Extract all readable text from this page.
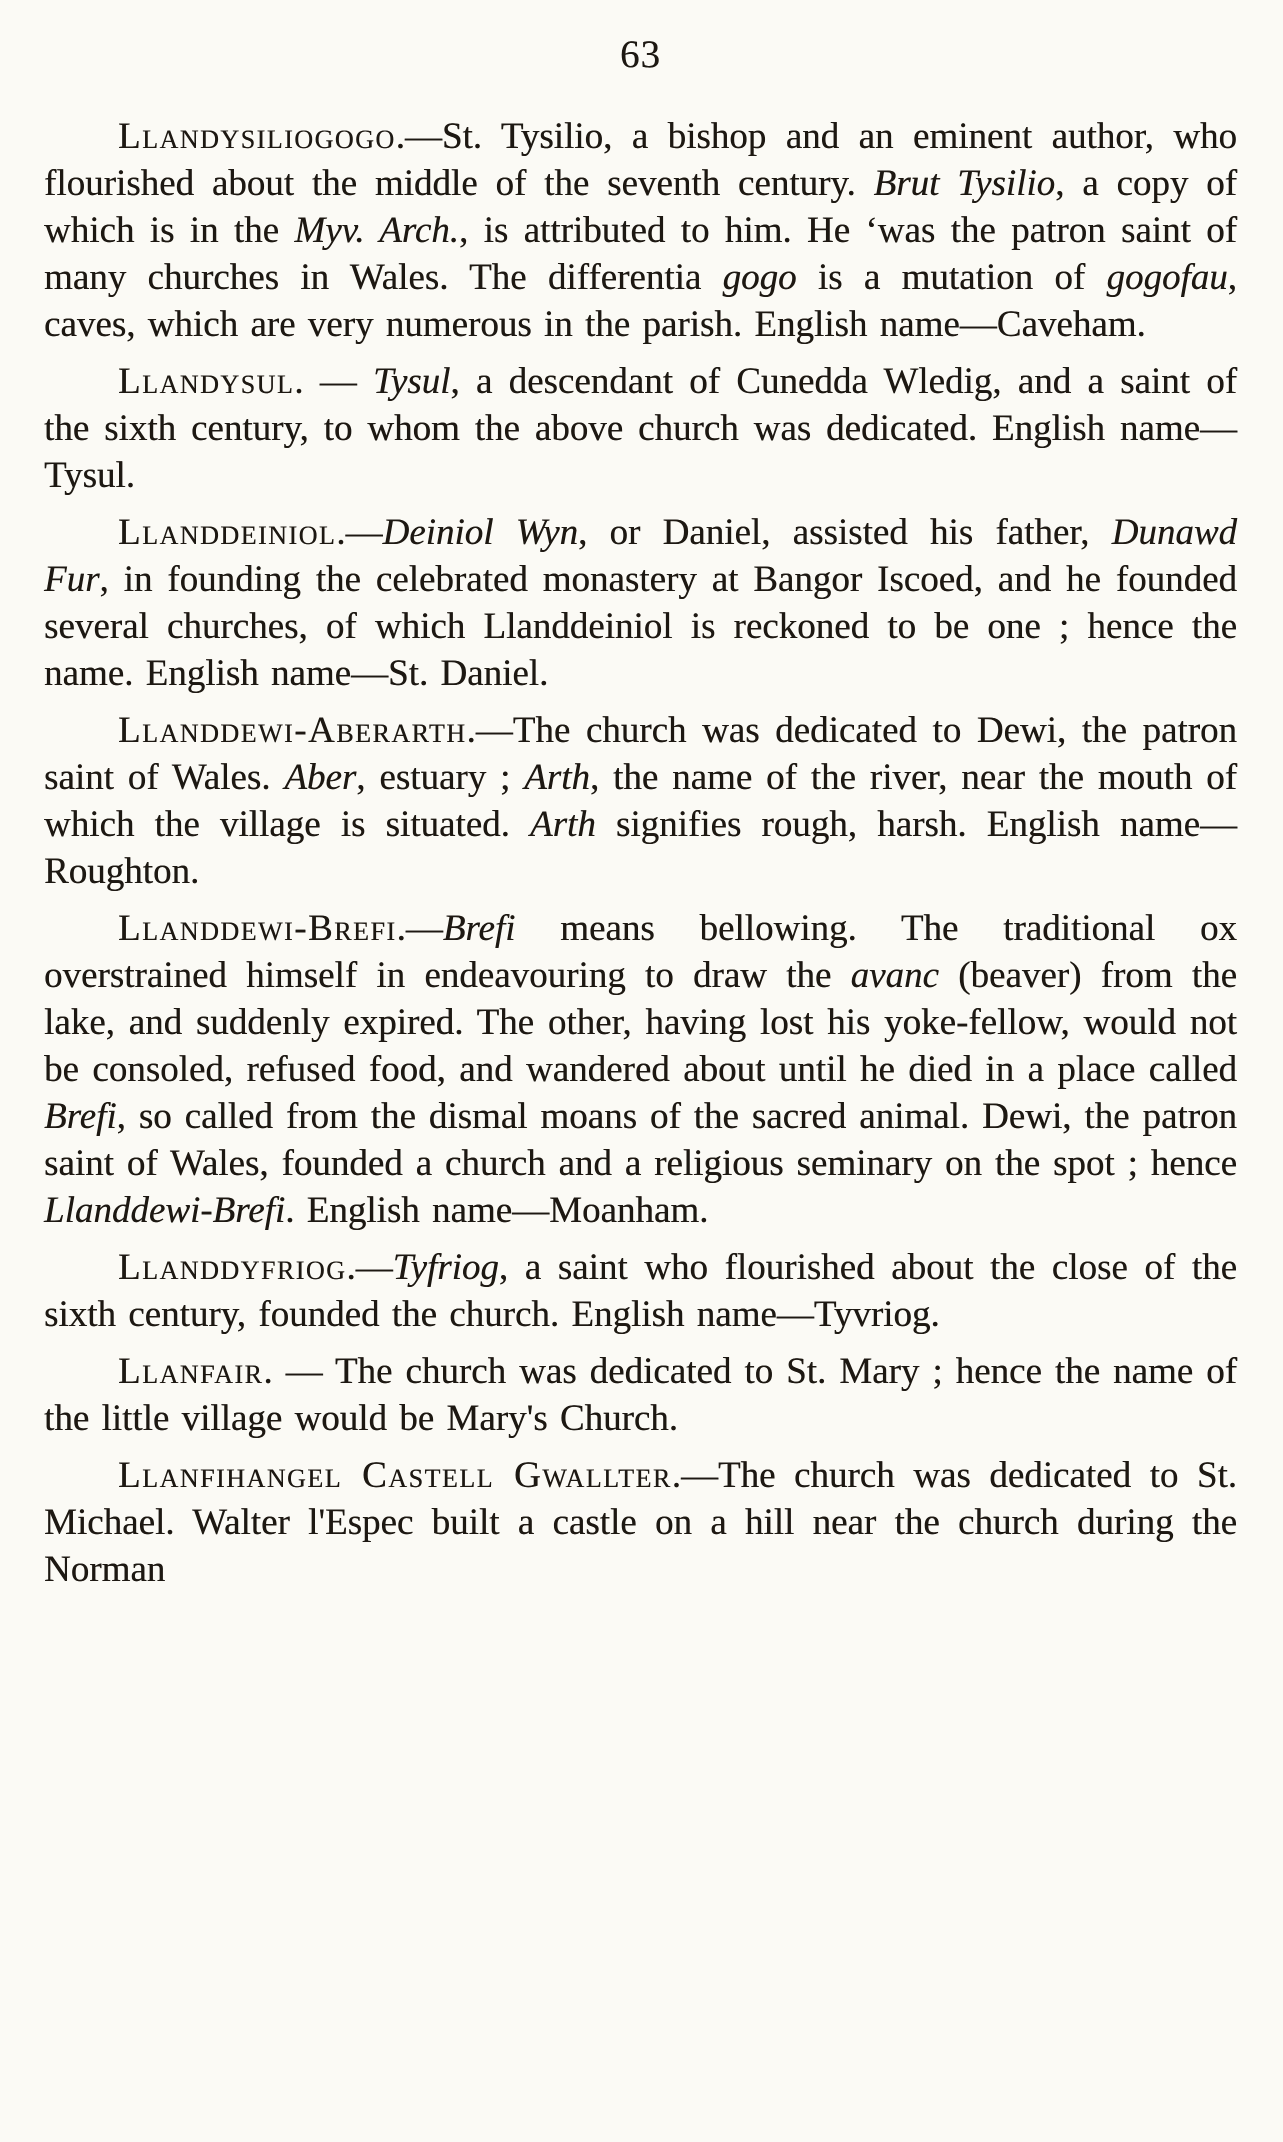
63

Llandysiliogogo.—St. Tysilio, a bishop and an eminent author, who flourished about the middle of the seventh century. Brut Tysilio, a copy of which is in the Myv. Arch., is attributed to him. He ‘was the patron saint of many churches in Wales. The differentia gogo is a mutation of gogofau, caves, which are very numerous in the parish. English name—Caveham.

Llandysul. — Tysul, a descendant of Cunedda Wledig, and a saint of the sixth century, to whom the above church was dedicated. English name—Tysul.

Llanddeiniol.—Deiniol Wyn, or Daniel, assisted his father, Dunawd Fur, in founding the celebrated monastery at Bangor Iscoed, and he founded several churches, of which Llanddeiniol is reckoned to be one ; hence the name. English name—St. Daniel.

Llanddewi-Aberarth.—The church was dedicated to Dewi, the patron saint of Wales. Aber, estuary ; Arth, the name of the river, near the mouth of which the village is situated. Arth signifies rough, harsh. English name—Roughton.

Llanddewi-Brefi.—Brefi means bellowing. The traditional ox overstrained himself in endeavouring to draw the avanc (beaver) from the lake, and suddenly expired. The other, having lost his yoke-fellow, would not be consoled, refused food, and wandered about until he died in a place called Brefi, so called from the dismal moans of the sacred animal. Dewi, the patron saint of Wales, founded a church and a religious seminary on the spot ; hence Llanddewi-Brefi. English name—Moanham.

Llanddyfriog.—Tyfriog, a saint who flourished about the close of the sixth century, founded the church. English name—Tyvriog.

Llanfair. — The church was dedicated to St. Mary ; hence the name of the little village would be Mary's Church.

Llanfihangel Castell Gwallter.—The church was dedicated to St. Michael. Walter l'Espec built a castle on a hill near the church during the Norman
